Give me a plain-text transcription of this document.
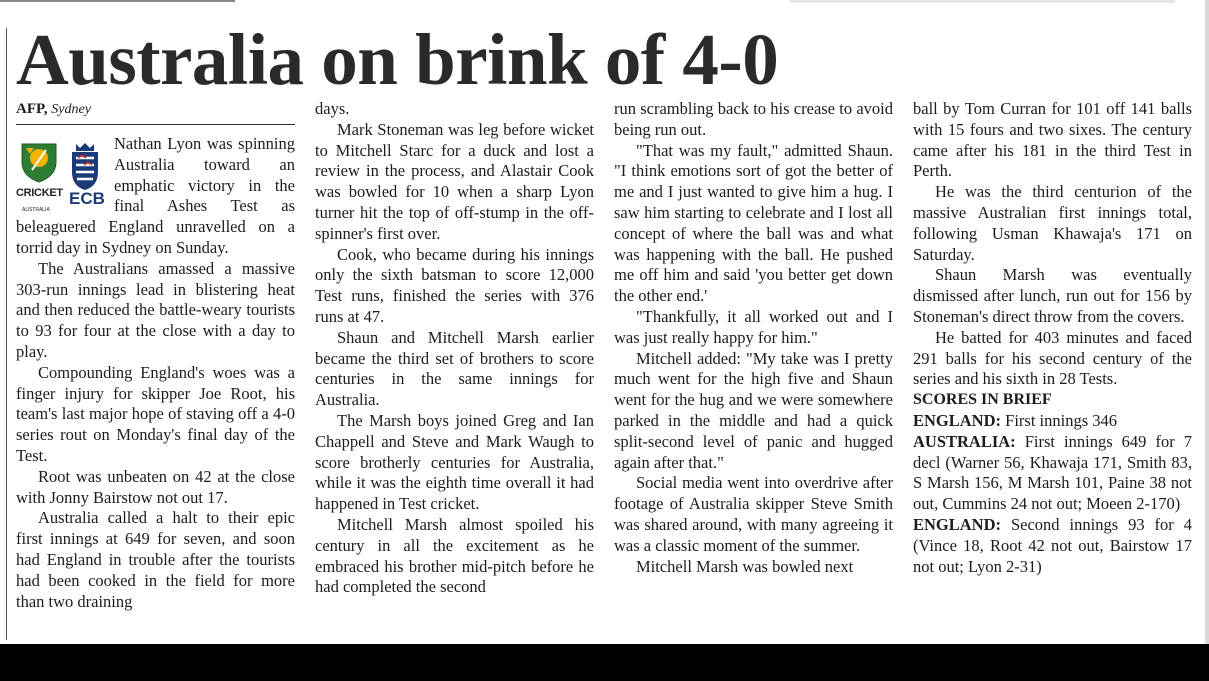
Australia on brink of 4-0
AFP, Sydney
CRICKET
AUSTRALIA
ECB

Nathan Lyon was spinning Australia toward an emphatic victory in the final Ashes Test as beleaguered England unravelled on a torrid day in Sydney on Sunday.

The Australians amassed a massive 303-run innings lead in blistering heat and then reduced the battle-weary tourists to 93 for four at the close with a day to play.

Compounding England's woes was a finger injury for skipper Joe Root, his team's last major hope of staving off a 4-0 series rout on Monday's final day of the Test.

Root was unbeaten on 42 at the close with Jonny Bairstow not out 17.

Australia called a halt to their epic first innings at 649 for seven, and soon had England in trouble after the tourists had been cooked in the field for more than two draining

days.

Mark Stoneman was leg before wicket to Mitchell Starc for a duck and lost a review in the process, and Alastair Cook was bowled for 10 when a sharp Lyon turner hit the top of off-stump in the off-spinner's first over.

Cook, who became during his innings only the sixth batsman to score 12,000 Test runs, finished the series with 376 runs at 47.

Shaun and Mitchell Marsh earlier became the third set of brothers to score centuries in the same innings for Australia.

The Marsh boys joined Greg and Ian Chappell and Steve and Mark Waugh to score brotherly centuries for Australia, while it was the eighth time overall it had happened in Test cricket.

Mitchell Marsh almost spoiled his century in all the excitement as he embraced his brother mid-pitch before he had completed the second

run scrambling back to his crease to avoid being run out.

"That was my fault," admitted Shaun. "I think emotions sort of got the better of me and I just wanted to give him a hug. I saw him starting to celebrate and I lost all concept of where the ball was and what was happening with the ball. He pushed me off him and said 'you better get down the other end.'

"Thankfully, it all worked out and I was just really happy for him."

Mitchell added: "My take was I pretty much went for the high five and Shaun went for the hug and we were somewhere parked in the middle and had a quick split-second level of panic and hugged again after that."

Social media went into overdrive after footage of Australia skipper Steve Smith was shared around, with many agreeing it was a classic moment of the summer.

Mitchell Marsh was bowled next

ball by Tom Curran for 101 off 141 balls with 15 fours and two sixes. The century came after his 181 in the third Test in Perth.

He was the third centurion of the massive Australian first innings total, following Usman Khawaja's 171 on Saturday.

Shaun Marsh was eventually dismissed after lunch, run out for 156 by Stoneman's direct throw from the covers.

He batted for 403 minutes and faced 291 balls for his second century of the series and his sixth in 28 Tests.

SCORES IN BRIEF

ENGLAND: First innings 346

AUSTRALIA: First innings 649 for 7 decl (Warner 56, Khawaja 171, Smith 83, S Marsh 156, M Marsh 101, Paine 38 not out, Cummins 24 not out; Moeen 2-170)

ENGLAND: Second innings 93 for 4 (Vince 18, Root 42 not out, Bairstow 17 not out; Lyon 2-31)
